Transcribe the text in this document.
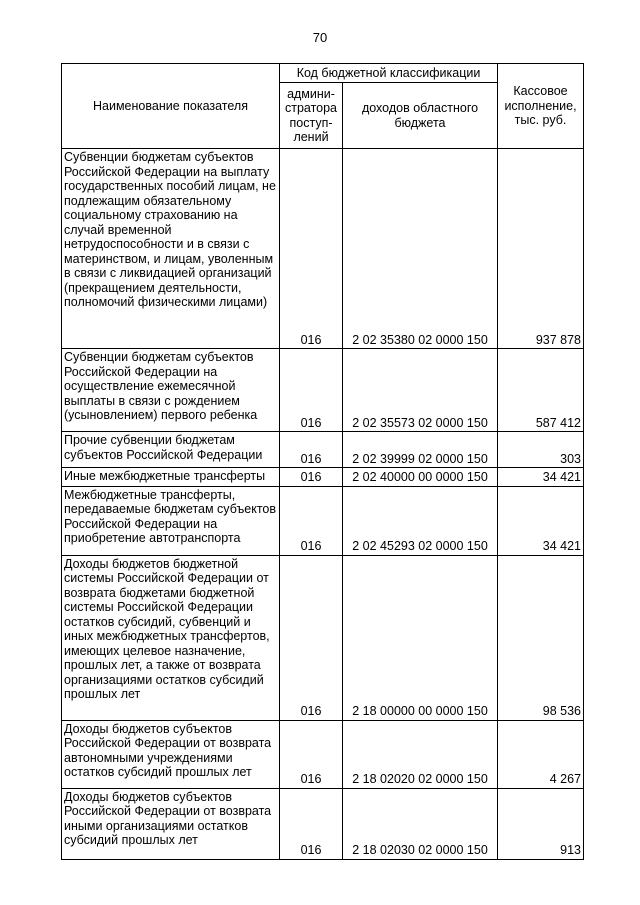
70
Наименование показателя	Код бюджетной классификации		Кассовое исполнение, тыс. руб.
	админи-стратора поступ-лений	доходов областного бюджета	
Субвенции бюджетам субъектов Российской Федерации на выплату государственных пособий лицам, не подлежащим обязательному социальному страхованию на случай временной нетрудоспособности и в связи с материнством, и лицам, уволенным в связи с ликвидацией организаций (прекращением деятельности, полномочий физическими лицами)	016	2 02 35380 02 0000 150	937 878
Субвенции бюджетам субъектов Российской Федерации на осуществление ежемесячной выплаты в связи с рождением (усыновлением) первого ребенка	016	2 02 35573 02 0000 150	587 412
Прочие субвенции бюджетам субъектов Российской Федерации	016	2 02 39999 02 0000 150	303
Иные межбюджетные трансферты	016	2 02 40000 00 0000 150	34 421
Межбюджетные трансферты, передаваемые бюджетам субъектов Российской Федерации на приобретение автотранспорта	016	2 02 45293 02 0000 150	34 421
Доходы бюджетов бюджетной системы Российской Федерации от возврата бюджетами бюджетной системы Российской Федерации остатков субсидий, субвенций и иных межбюджетных трансфертов, имеющих целевое назначение, прошлых лет, а также от возврата организациями остатков субсидий прошлых лет	016	2 18 00000 00 0000 150	98 536

Доходы бюджетов субъектов Российской Федерации от возврата автономными учреждениями остатков субсидий прошлых лет	016	2 18 02020 02 0000 150	4 267
Доходы бюджетов субъектов Российской Федерации от возврата иными организациями остатков субсидий прошлых лет	016	2 18 02030 02 0000 150	913
